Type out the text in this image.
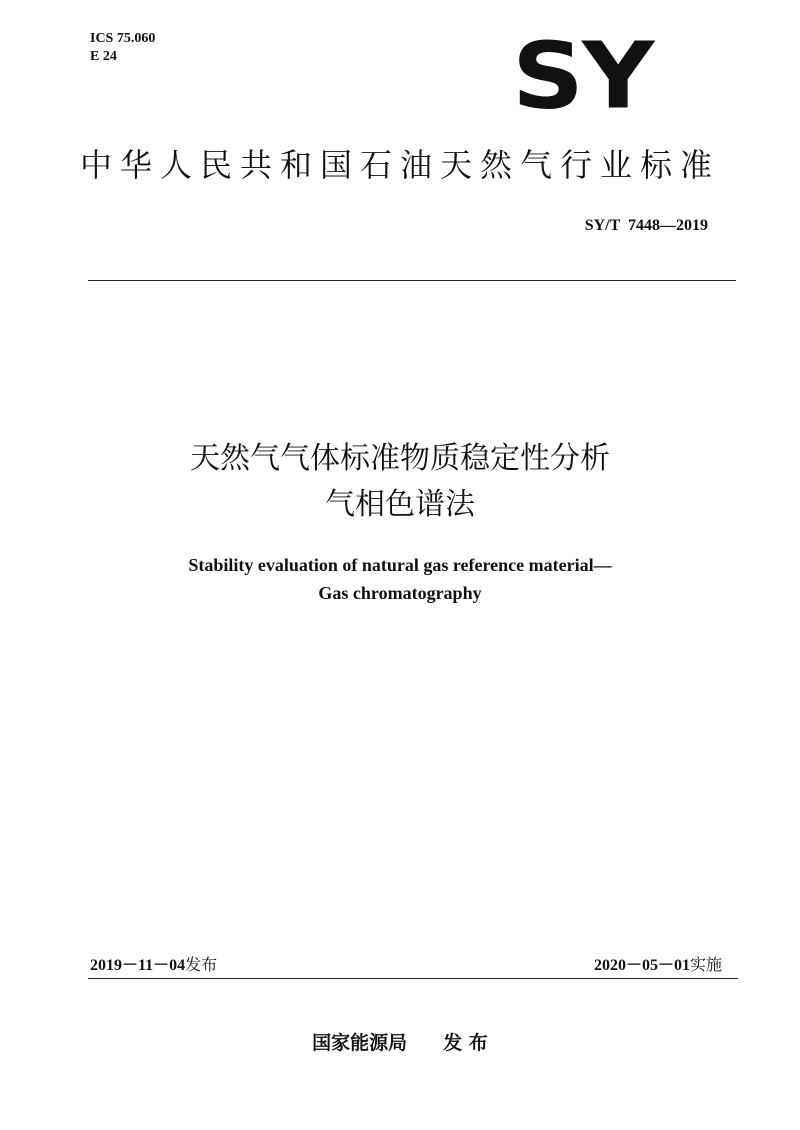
ICS 75.060
E 24	SY
中华人民共和国石油天然气行业标准
SY/T 7448—2019
天然气气体标准物质稳定性分析
气相色谱法
Stability evaluation of natural gas reference material—
Gas chromatography
2019－11－04发布	2020－05－01实施
国家能源局 发 布
